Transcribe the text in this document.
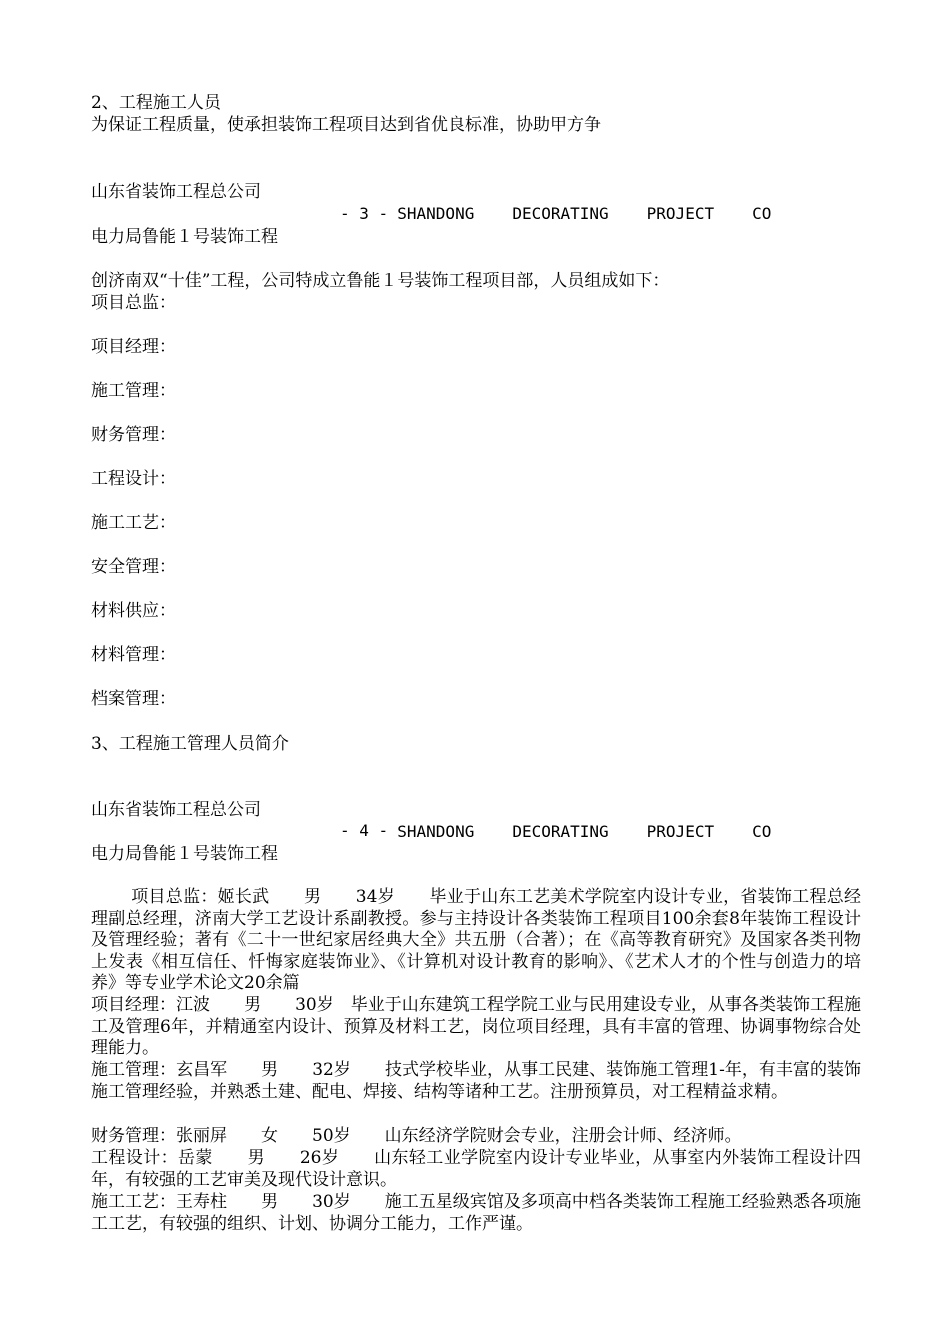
2、工程施工人员
为保证工程质量，使承担装饰工程项目达到省优良标准，协助甲方争
山东省装饰工程总公司

SHANDONG DECORATING PROJECT CO

- 3 -
电力局鲁能１号装饰工程
创济南双“十佳”工程，公司特成立鲁能１号装饰工程项目部，人员组成如下：
项目总监：
项目经理：
施工管理：
财务管理：
工程设计：
施工工艺：
安全管理：
材料供应：
材料管理：
档案管理：
3、工程施工管理人员简介
山东省装饰工程总公司

SHANDONG DECORATING PROJECT CO

- 4 -
电力局鲁能１号装饰工程
项目总监：姬长武　　男　　34岁　　毕业于山东工艺美术学院室内设计专业，省装饰工程总经理副总经理，济南大学工艺设计系副教授。参与主持设计各类装饰工程项目100余套8年装饰工程设计及管理经验；著有《二十一世纪家居经典大全》共五册（合著）；在《高等教育研究》及国家各类刊物上发表《相互信任、忏悔家庭装饰业》、《计算机对设计教育的影响》、《艺术人才的个性与创造力的培养》等专业学术论文20余篇
项目经理：江波　　男　　30岁　毕业于山东建筑工程学院工业与民用建设专业，从事各类装饰工程施工及管理6年，并精通室内设计、预算及材料工艺，岗位项目经理，具有丰富的管理、协调事物综合处理能力。
施工管理：玄昌军　　男　　32岁　　技式学校毕业，从事工民建、装饰施工管理1-年，有丰富的装饰施工管理经验，并熟悉土建、配电、焊接、结构等诸种工艺。注册预算员，对工程精益求精。
财务管理：张丽屏　　女　　50岁　　山东经济学院财会专业，注册会计师、经济师。
工程设计：岳蒙　　男　　26岁　　山东轻工业学院室内设计专业毕业，从事室内外装饰工程设计四年，有较强的工艺审美及现代设计意识。
施工工艺：王寿柱　　男　　30岁　　施工五星级宾馆及多项高中档各类装饰工程施工经验熟悉各项施工工艺，有较强的组织、计划、协调分工能力，工作严谨。
